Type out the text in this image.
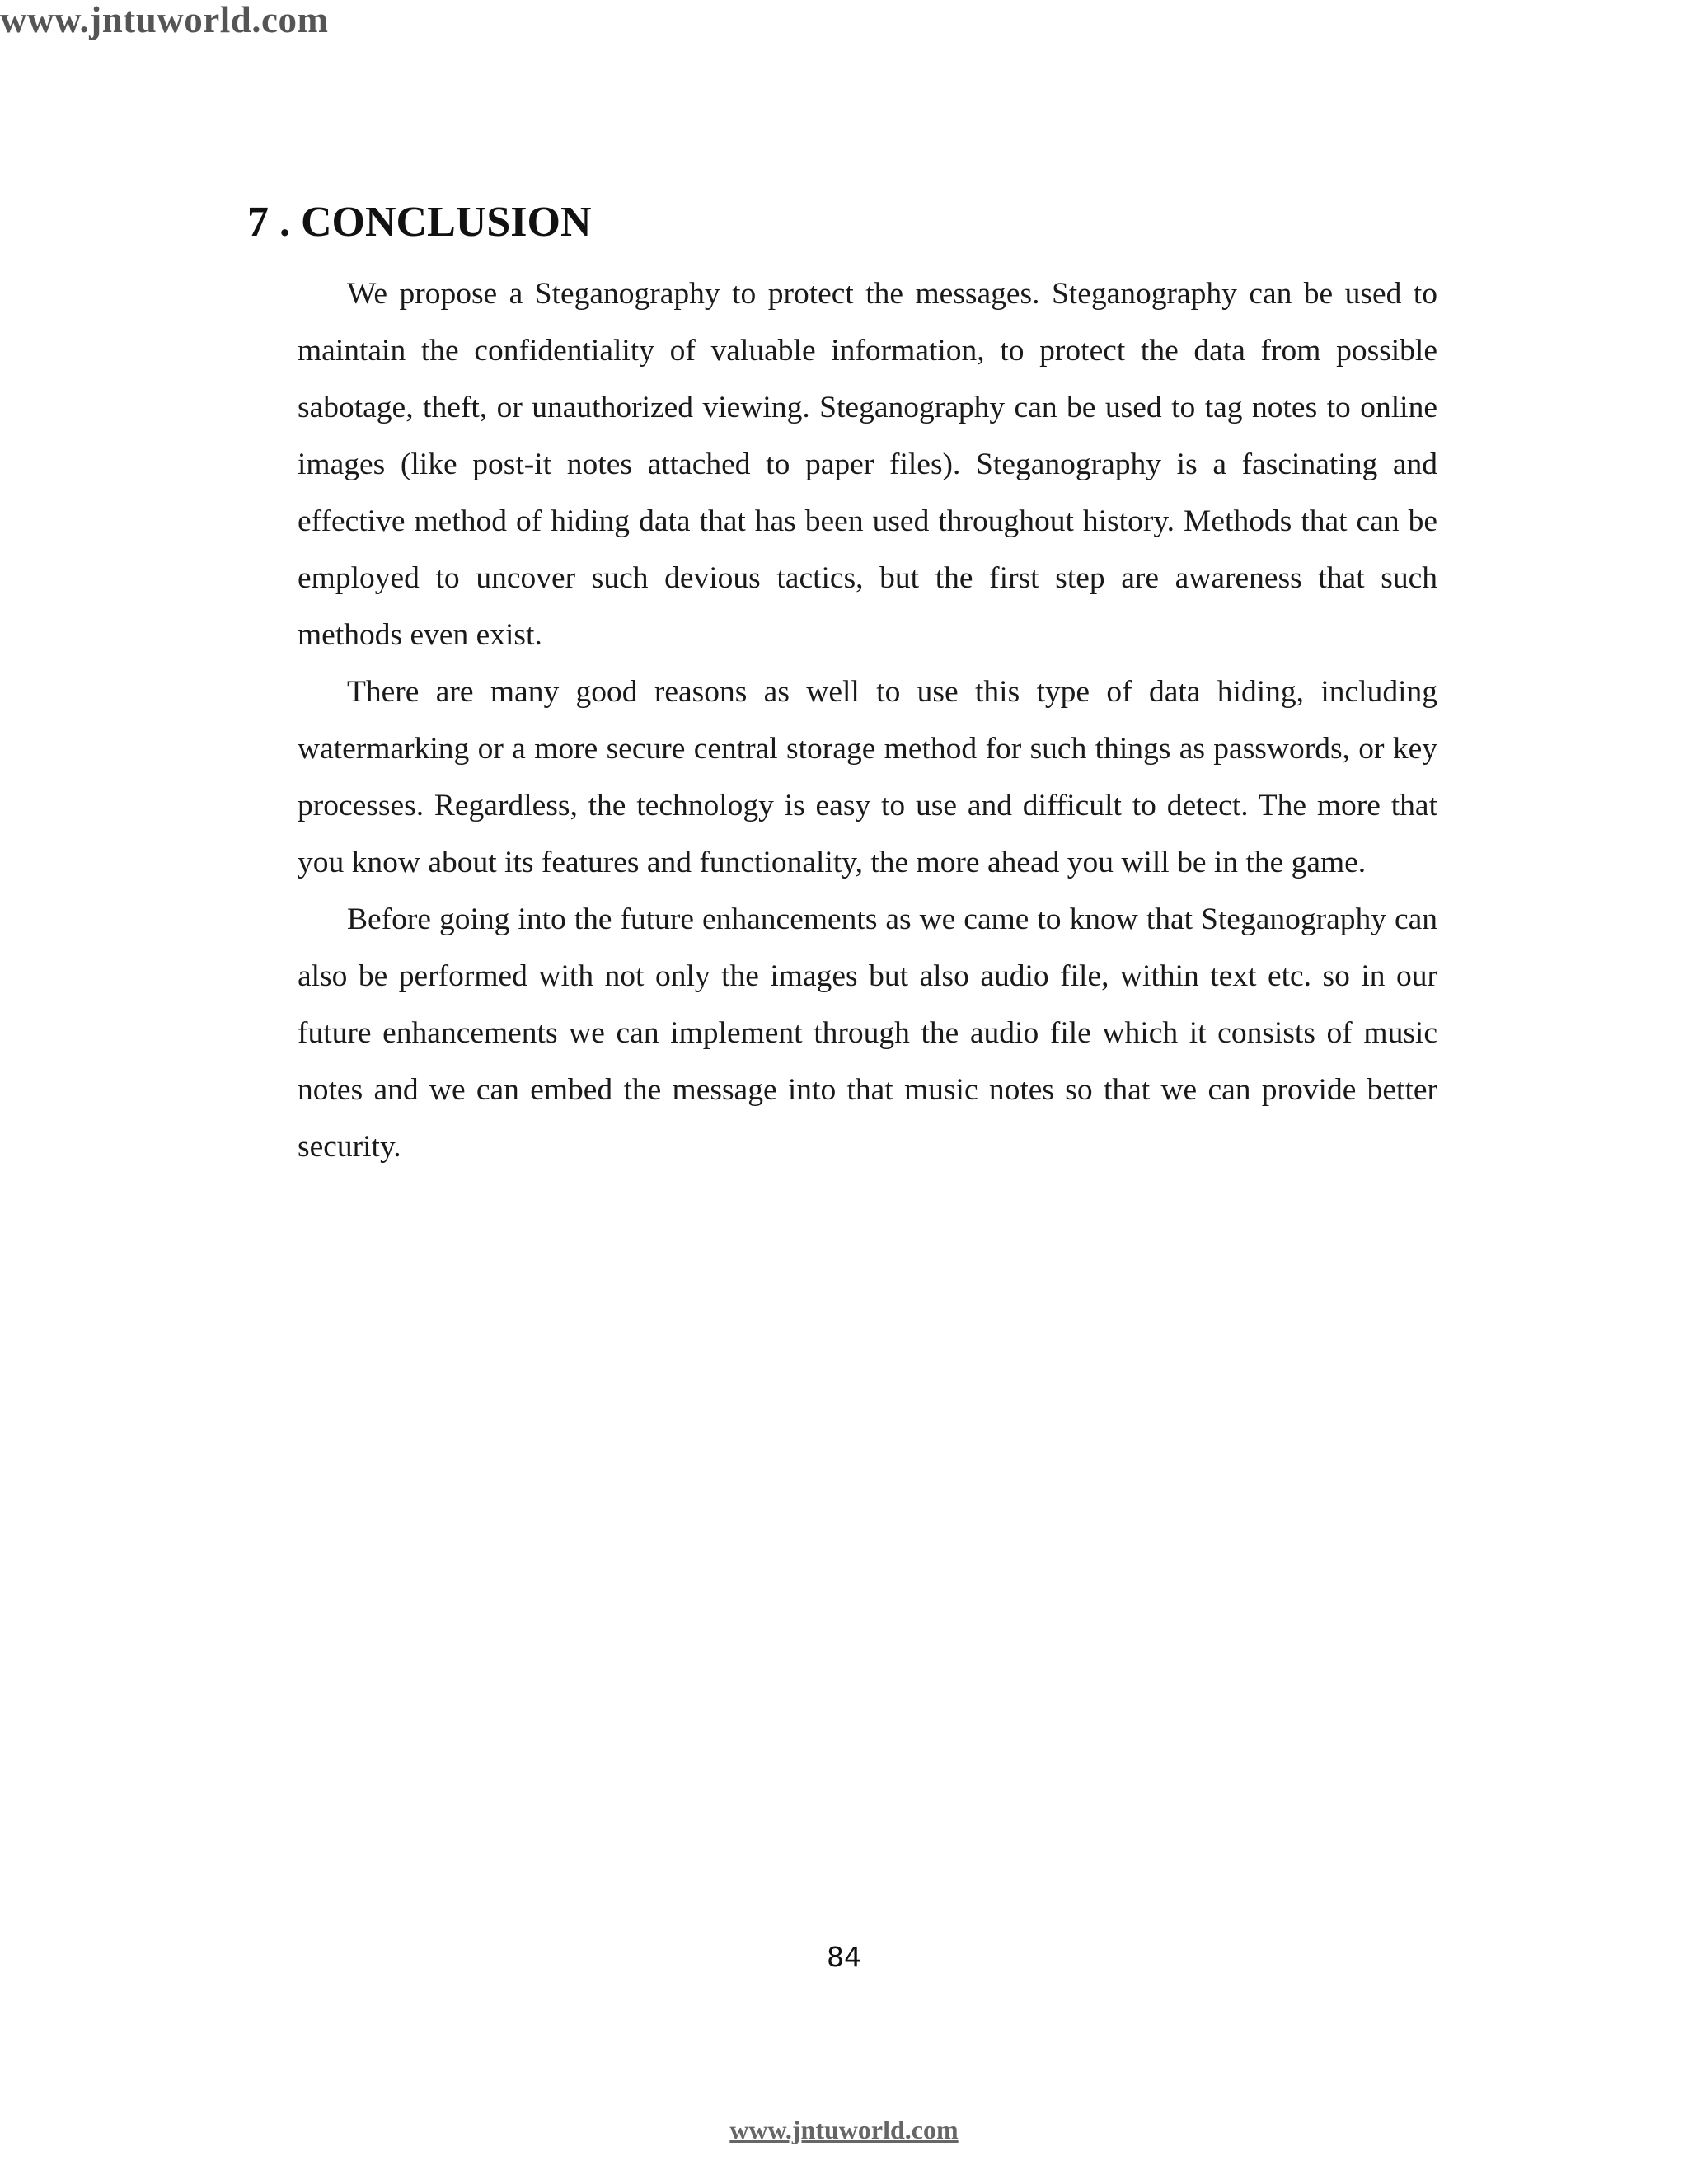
www.jntuworld.com
7 . CONCLUSION

We propose a Steganography to protect the messages. Steganography can be used to maintain the confidentiality of valuable information, to protect the data from possible sabotage, theft, or unauthorized viewing. Steganography can be used to tag notes to online images (like post-it notes attached to paper files). Steganography is a fascinating and effective method of hiding data that has been used throughout history. Methods that can be employed to uncover such devious tactics, but the first step are awareness that such methods even exist.

There are many good reasons as well to use this type of data hiding, including watermarking or a more secure central storage method for such things as passwords, or key processes. Regardless, the technology is easy to use and difficult to detect. The more that you know about its features and functionality, the more ahead you will be in the game.

Before going into the future enhancements as we came to know that Steganography can also be performed with not only the images but also audio file, within text etc. so in our future enhancements we can implement through the audio file which it consists of music notes and we can embed the message into that music notes so that we can provide better security.

84
www.jntuworld.com
